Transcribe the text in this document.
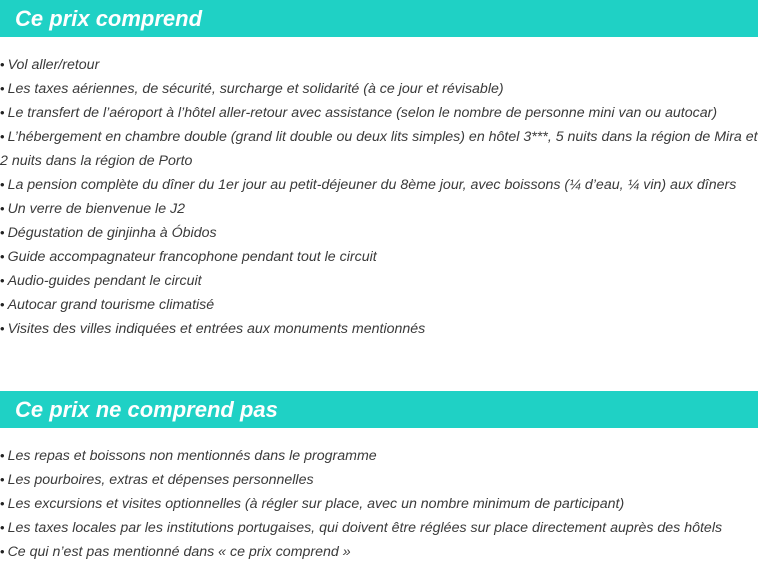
Ce prix comprend
• Vol aller/retour
• Les taxes aériennes, de sécurité, surcharge et solidarité (à ce jour et révisable)
• Le transfert de l’aéroport à l’hôtel aller-retour avec assistance (selon le nombre de personne mini van ou autocar)
• L’hébergement en chambre double (grand lit double ou deux lits simples) en hôtel 3***, 5 nuits dans la région de Mira et 2 nuits dans la région de Porto
• La pension complète du dîner du 1er jour au petit-déjeuner du 8ème jour, avec boissons (¼ d’eau, ¼ vin) aux dîners
• Un verre de bienvenue le J2
• Dégustation de ginjinha à Óbidos
• Guide accompagnateur francophone pendant tout le circuit
• Audio-guides pendant le circuit
• Autocar grand tourisme climatisé
• Visites des villes indiquées et entrées aux monuments mentionnés
Ce prix ne comprend pas
• Les repas et boissons non mentionnés dans le programme
• Les pourboires, extras et dépenses personnelles
• Les excursions et visites optionnelles (à régler sur place, avec un nombre minimum de participant)
• Les taxes locales par les institutions portugaises, qui doivent être réglées sur place directement auprès des hôtels
• Ce qui n’est pas mentionné dans « ce prix comprend »
